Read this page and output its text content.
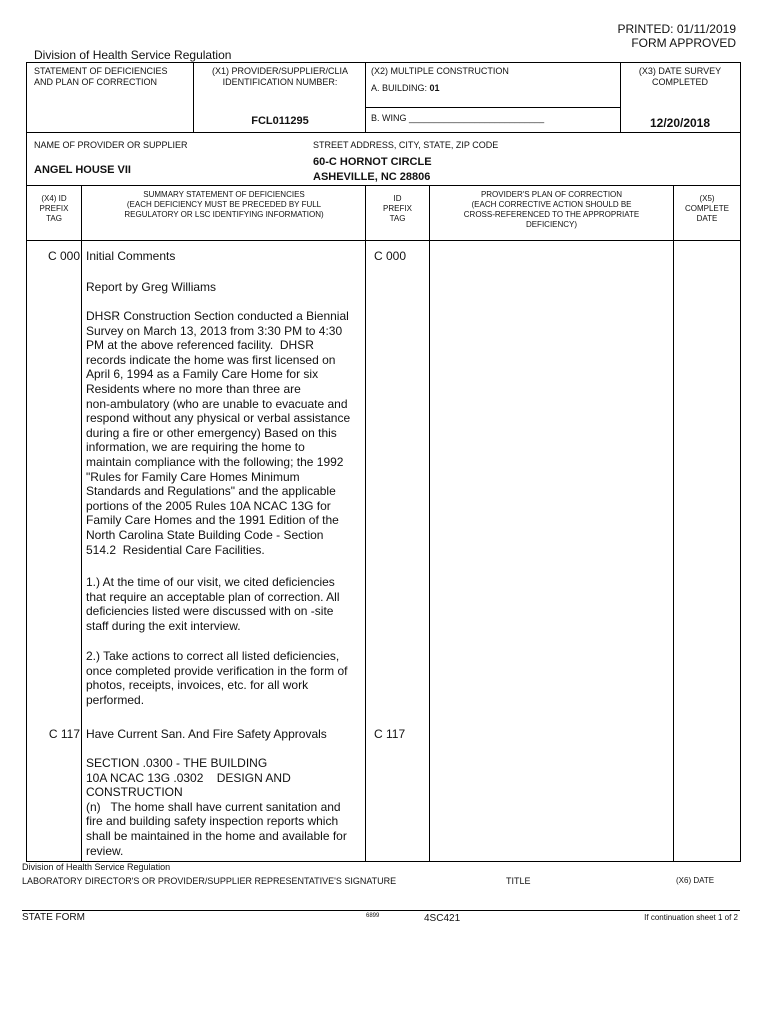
PRINTED: 01/11/2019
FORM APPROVED
Division of Health Service Regulation
STATEMENT OF DEFICIENCIES
AND PLAN OF CORRECTION
(X1) PROVIDER/SUPPLIER/CLIA
IDENTIFICATION NUMBER:
FCL011295
(X2) MULTIPLE CONSTRUCTION
A. BUILDING: 01
B. WING ___________________________
(X3) DATE SURVEY
COMPLETED
12/20/2018
NAME OF PROVIDER OR SUPPLIER
ANGEL HOUSE VII
STREET ADDRESS, CITY, STATE, ZIP CODE
60-C HORNOT CIRCLE
ASHEVILLE, NC 28806
(X4) ID
PREFIX
TAG
SUMMARY STATEMENT OF DEFICIENCIES
(EACH DEFICIENCY MUST BE PRECEDED BY FULL
REGULATORY OR LSC IDENTIFYING INFORMATION)
ID
PREFIX
TAG
PROVIDER'S PLAN OF CORRECTION
(EACH CORRECTIVE ACTION SHOULD BE
CROSS-REFERENCED TO THE APPROPRIATE
DEFICIENCY)
(X5)
COMPLETE
DATE
C 000 Initial Comments	C 000
Report by Greg Williams
DHSR Construction Section conducted a Biennial
Survey on March 13, 2013 from 3:30 PM to 4:30
PM at the above referenced facility.  DHSR
records indicate the home was first licensed on
April 6, 1994 as a Family Care Home for six
Residents where no more than three are
non-ambulatory (who are unable to evacuate and
respond without any physical or verbal assistance
during a fire or other emergency) Based on this
information, we are requiring the home to
maintain compliance with the following; the 1992
"Rules for Family Care Homes Minimum
Standards and Regulations" and the applicable
portions of the 2005 Rules 10A NCAC 13G for
Family Care Homes and the 1991 Edition of the
North Carolina State Building Code - Section
514.2  Residential Care Facilities.
1.) At the time of our visit, we cited deficiencies
that require an acceptable plan of correction. All
deficiencies listed were discussed with on -site
staff during the exit interview.
2.) Take actions to correct all listed deficiencies,
once completed provide verification in the form of
photos, receipts, invoices, etc. for all work
performed.
C 117 Have Current San. And Fire Safety Approvals	C 117
SECTION .0300 - THE BUILDING
10A NCAC 13G .0302    DESIGN AND
CONSTRUCTION
(n)   The home shall have current sanitation and
fire and building safety inspection reports which
shall be maintained in the home and available for
review.
Division of Health Service Regulation
LABORATORY DIRECTOR'S OR PROVIDER/SUPPLIER REPRESENTATIVE'S SIGNATURE	TITLE	(X6) DATE
STATE FORM	6899	4SC421	If continuation sheet 1 of 2
